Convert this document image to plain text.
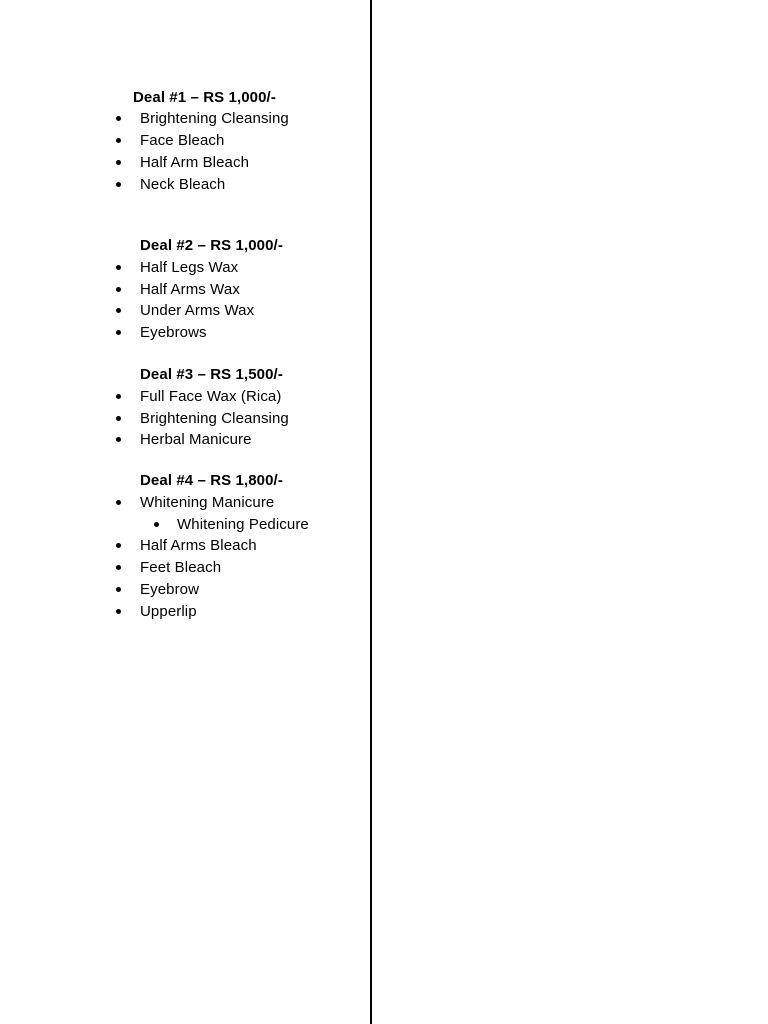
Deal #1 – RS 1,000/-
Brightening Cleansing
Face Bleach
Half Arm Bleach
Neck Bleach
Deal #2 – RS 1,000/-
Half Legs Wax
Half Arms Wax
Under Arms Wax
Eyebrows
Deal #3 – RS 1,500/-
Full Face Wax (Rica)
Brightening Cleansing
Herbal Manicure
Deal #4 – RS 1,800/-
Whitening Manicure
Whitening Pedicure
Half Arms Bleach
Feet Bleach
Eyebrow
Upperlip
